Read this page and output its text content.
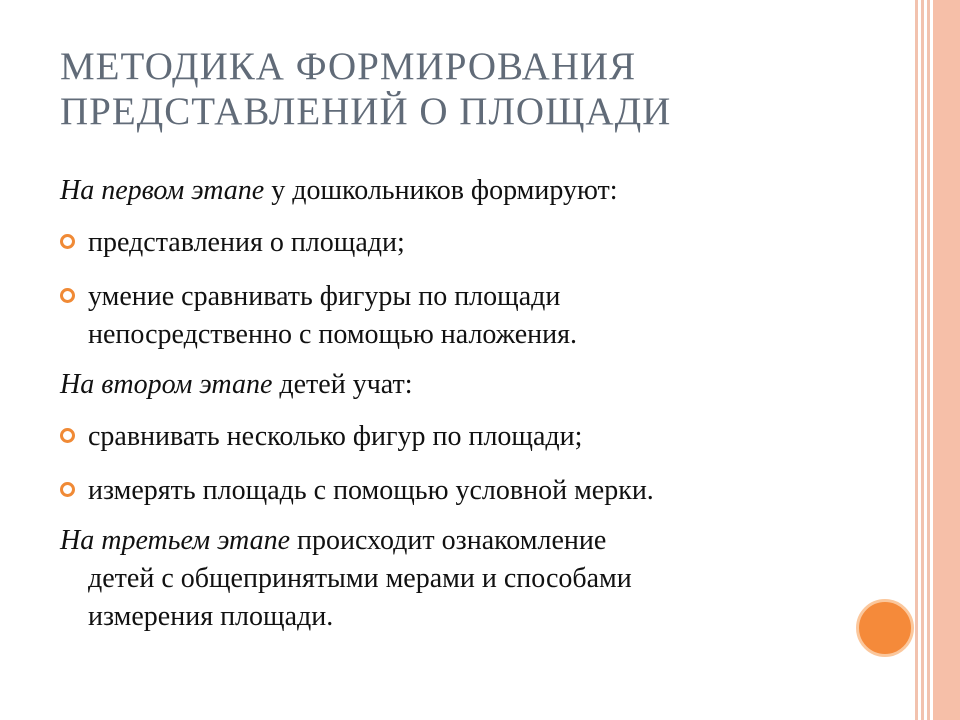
МЕТОДИКА ФОРМИРОВАНИЯ
ПРЕДСТАВЛЕНИЙ О ПЛОЩАДИ

На первом этапе у дошкольников формируют:

представления о площади;

умение сравнивать фигуры по площади
непосредственно с помощью наложения.

На втором этапе детей учат:

сравнивать несколько фигур по площади;

измерять площадь с помощью условной мерки.

На третьем этапе происходит ознакомление
детей с общепринятыми мерами и способами
измерения площади.
